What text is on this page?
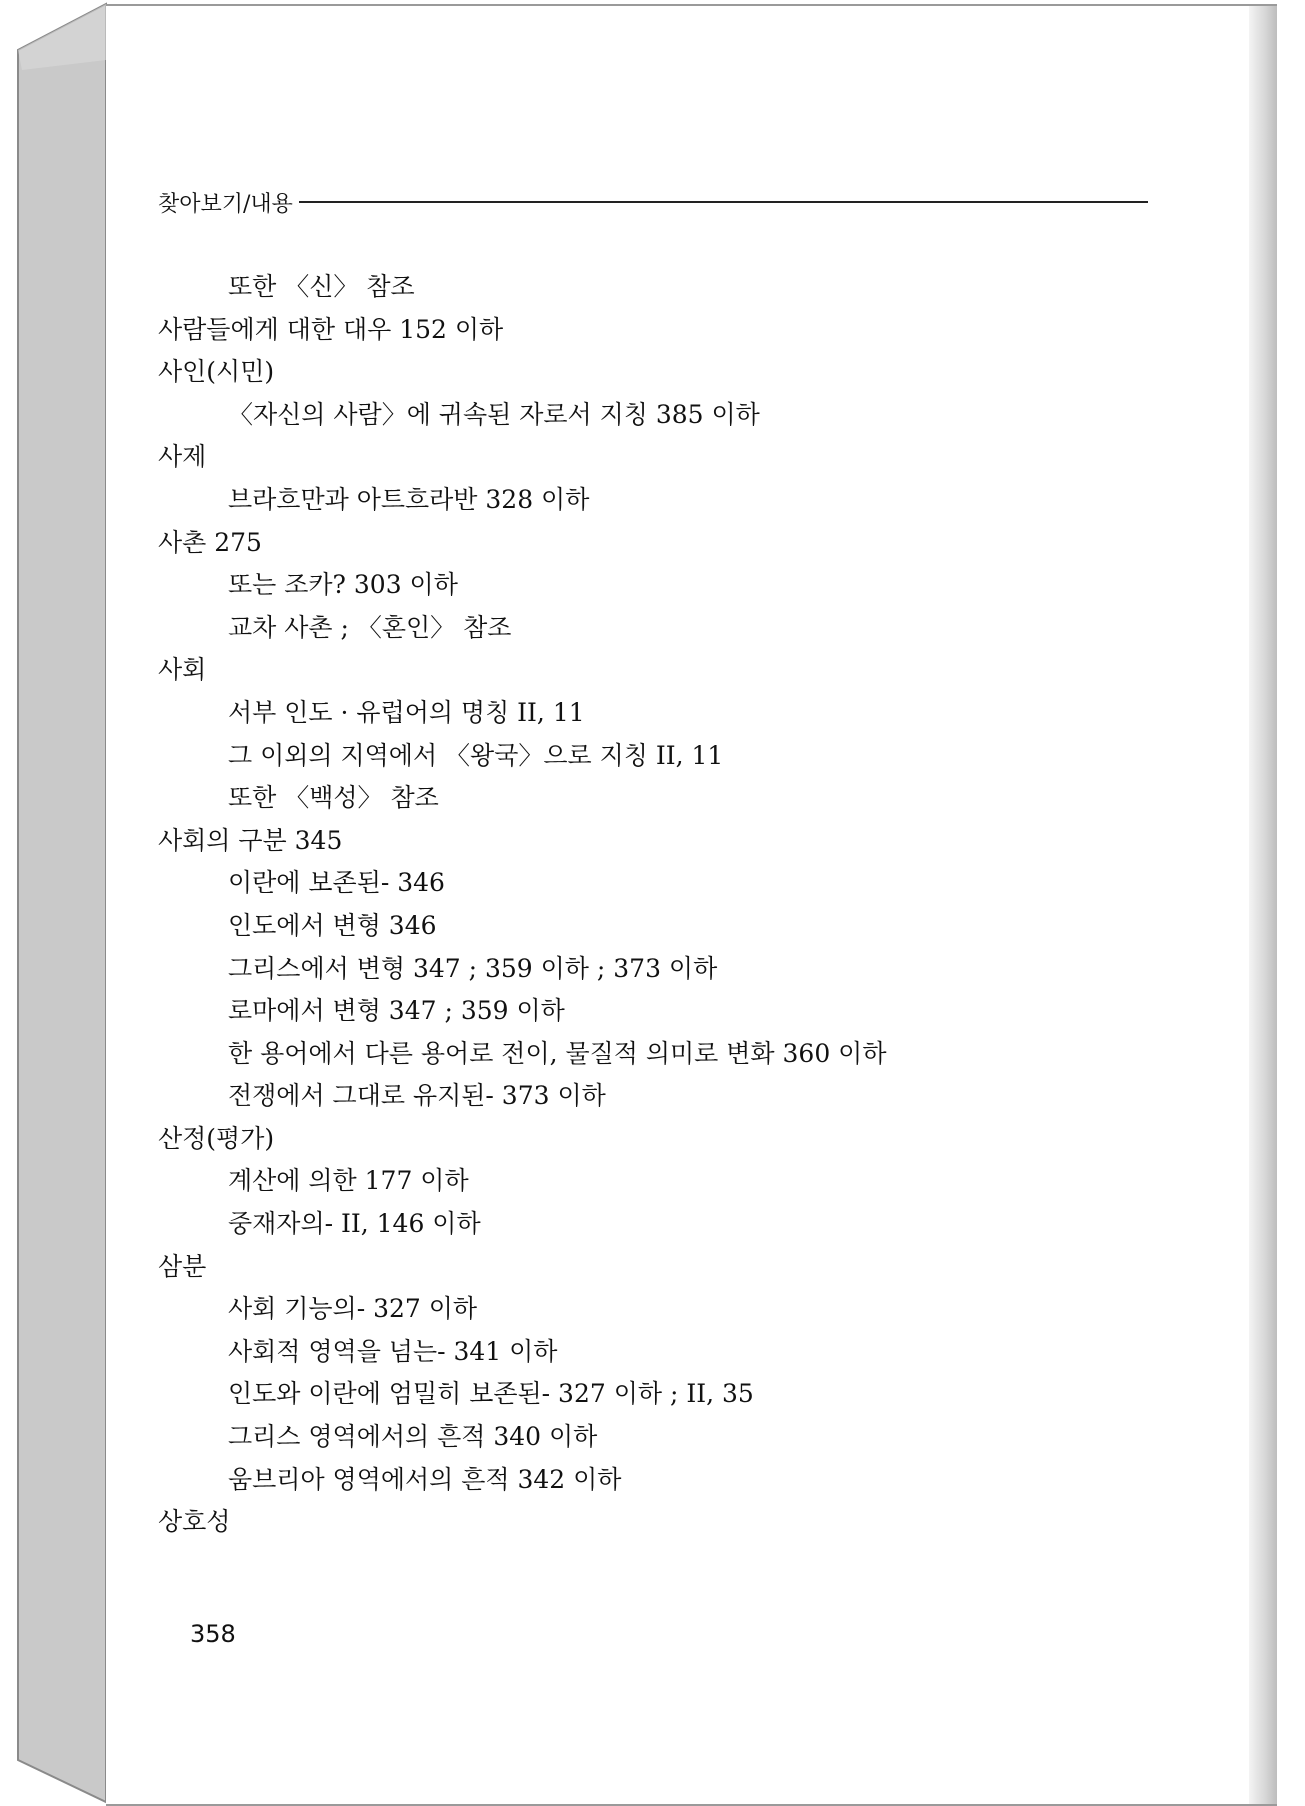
찾아보기/내용
또한 〈신〉 참조
사람들에게 대한 대우 152 이하
사인(시민)
〈자신의 사람〉에 귀속된 자로서 지칭 385 이하
사제
브라흐만과 아트흐라반 328 이하
사촌 275
또는 조카? 303 이하
교차 사촌 ; 〈혼인〉 참조
사회
서부 인도 · 유럽어의 명칭 II, 11
그 이외의 지역에서 〈왕국〉으로 지칭 II, 11
또한 〈백성〉 참조
사회의 구분 345
이란에 보존된- 346
인도에서 변형 346
그리스에서 변형 347 ; 359 이하 ; 373 이하
로마에서 변형 347 ; 359 이하
한 용어에서 다른 용어로 전이, 물질적 의미로 변화 360 이하
전쟁에서 그대로 유지된- 373 이하
산정(평가)
계산에 의한 177 이하
중재자의- II, 146 이하
삼분
사회 기능의- 327 이하
사회적 영역을 넘는- 341 이하
인도와 이란에 엄밀히 보존된- 327 이하 ; II, 35
그리스 영역에서의 흔적 340 이하
움브리아 영역에서의 흔적 342 이하
상호성
358
